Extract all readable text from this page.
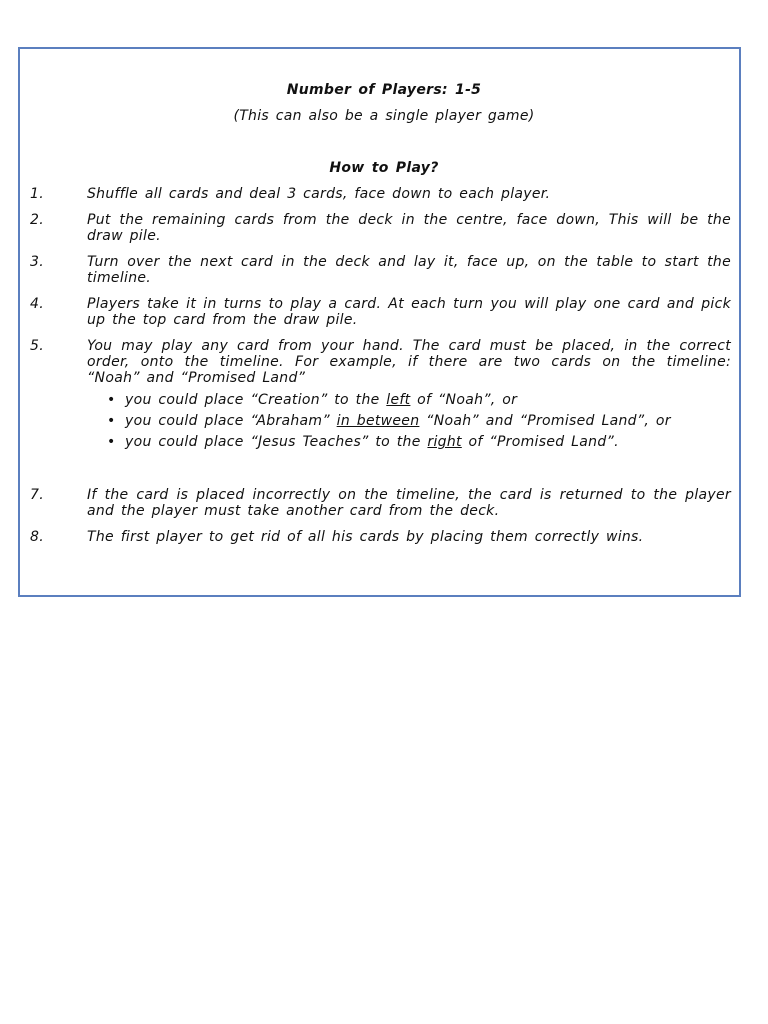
Number of Players: 1-5
(This can also be a single player game)
How to Play?
1.	Shuffle all cards and deal 3 cards, face down to each player.
2.	Put the remaining cards from the deck in the centre, face down, This will be the draw pile.
3.	Turn over the next card in the deck and lay it, face up, on the table to start the timeline.
4.	Players take it in turns to play a card. At each turn you will play one card and pick up the top card from the draw pile.
5.	You may play any card from your hand. The card must be placed, in the correct order, onto the timeline. For example, if there are two cards on the timeline: “Noah” and “Promised Land”
• you could place “Creation” to the left of “Noah”, or
• you could place “Abraham” in between “Noah” and “Promised Land”, or
• you could place “Jesus Teaches” to the right of “Promised Land”.
7.	If the card is placed incorrectly on the timeline, the card is returned to the player and the player must take another card from the deck.
8.	The first player to get rid of all his cards by placing them correctly wins.
